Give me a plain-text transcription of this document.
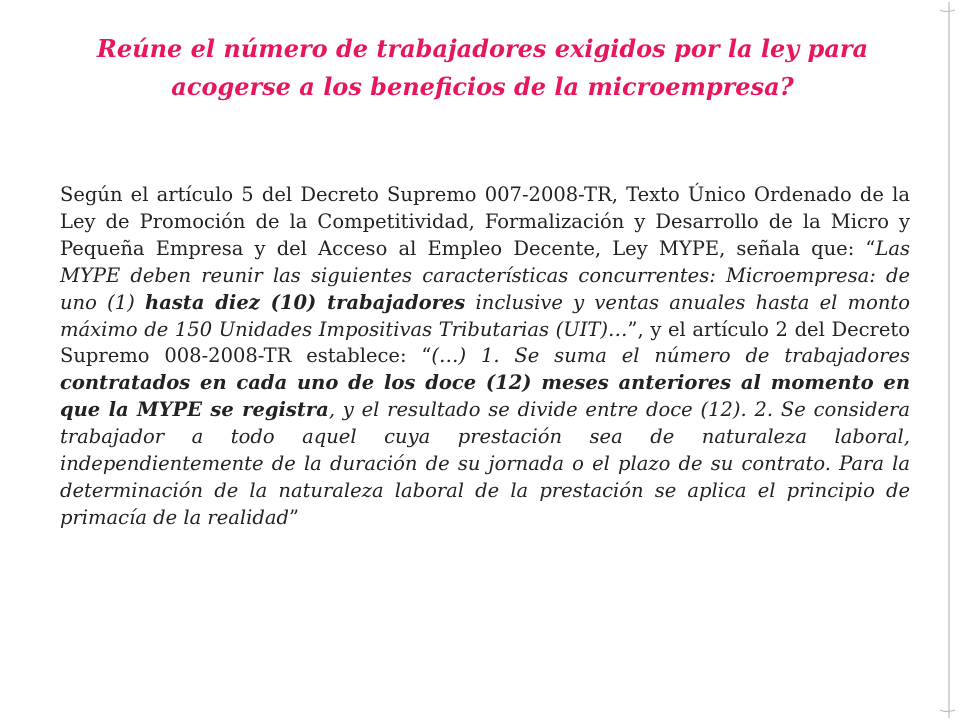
Reúne el número de trabajadores exigidos por la ley para acogerse a los beneficios de la microempresa?

Según el artículo 5 del Decreto Supremo 007-2008-TR, Texto Único Ordenado de la Ley de Promoción de la Competitividad, Formalización y Desarrollo de la Micro y Pequeña Empresa y del Acceso al Empleo Decente, Ley MYPE, señala que: “Las MYPE deben reunir las siguientes características concurrentes: Microempresa: de uno (1) hasta diez (10) trabajadores inclusive y ventas anuales hasta el monto máximo de 150 Unidades Impositivas Tributarias (UIT)…”, y el artículo 2 del Decreto Supremo 008-2008-TR establece: “(…) 1. Se suma el número de trabajadores contratados en cada uno de los doce (12) meses anteriores al momento en que la MYPE se registra, y el resultado se divide entre doce (12). 2. Se considera trabajador a todo aquel cuya prestación sea de naturaleza laboral, independientemente de la duración de su jornada o el plazo de su contrato. Para la determinación de la naturaleza laboral de la prestación se aplica el principio de primacía de la realidad”
